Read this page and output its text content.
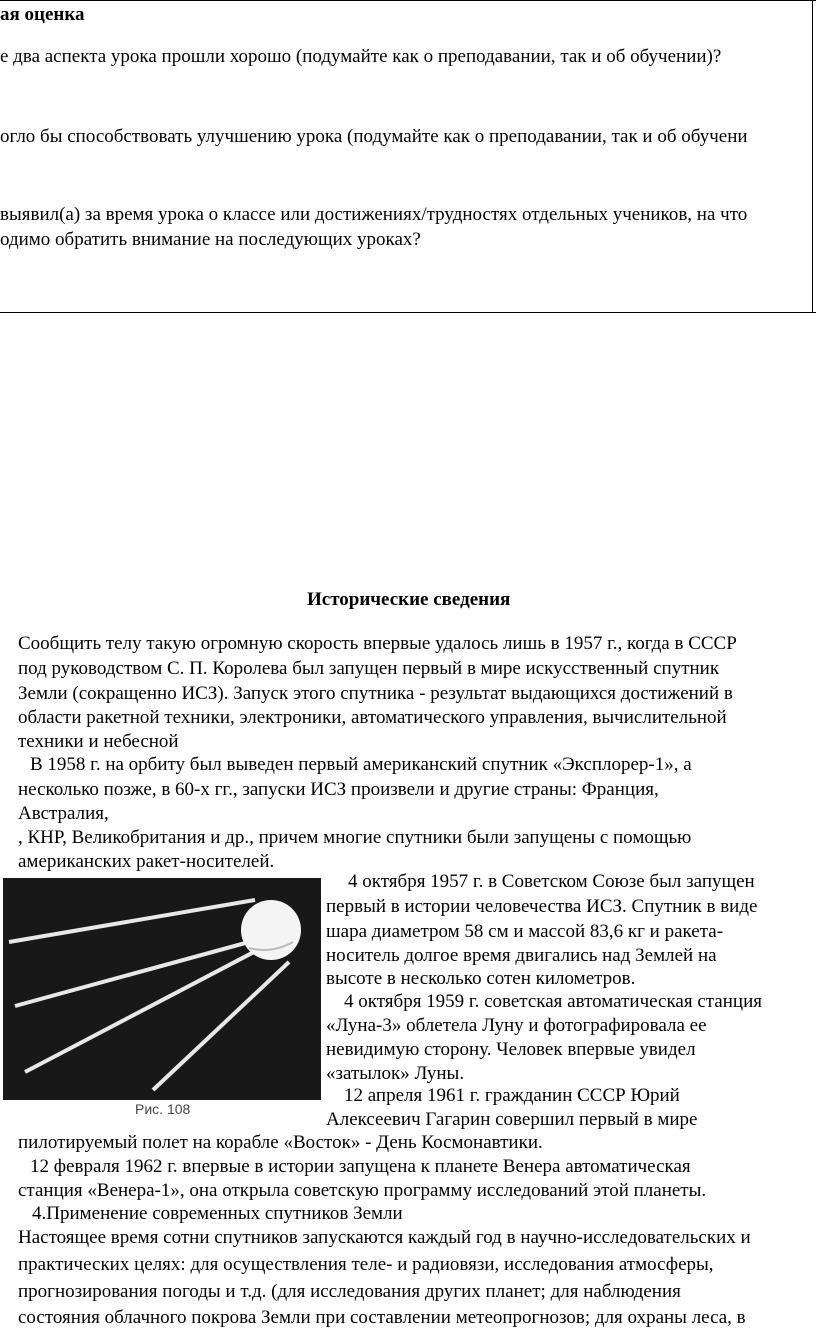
ая оценка
е два аспекта урока прошли хорошо (подумайте как о преподавании, так и об обучении)?
огло бы способствовать улучшению урока (подумайте как о преподавании, так и об обучени
выявил(а) за время урока о классе или достижениях/трудностях отдельных учеников, на что
одимо обратить внимание на последующих уроках?
Исторические сведения
Сообщить телу такую огромную скорость впервые удалось лишь в 1957 г., когда в СССР
под руководством С. П. Королева был запущен первый в мире искусственный спутник
Земли (сокращенно ИСЗ). Запуск этого спутника - результат выдающихся достижений в
области ракетной техники, электроники, автоматического управления, вычислительной
техники и небесной
В 1958 г. на орбиту был выведен первый американский спутник «Эксплорер-1», а
несколько позже, в 60-х гг., запуски ИСЗ произвели и другие страны: Франция,
Австралия,
, КНР, Великобритания и др., причем многие спутники были запущены с помощью
американских ракет-носителей.
Рис. 108
4 октября 1957 г. в Советском Союзе был запущен
первый в истории человечества ИСЗ. Спутник в виде
шара диаметром 58 см и массой 83,6 кг и ракета-
носитель долгое время двигались над Землей на
высоте в несколько сотен километров.
4 октября 1959 г. советская автоматическая станция
«Луна-3» облетела Луну и фотографировала ее
невидимую сторону. Человек впервые увидел
«затылок» Луны.
12 апреля 1961 г. гражданин СССР Юрий
Алексеевич Гагарин совершил первый в мире
пилотируемый полет на корабле «Восток» - День Космонавтики.
12 февраля 1962 г. впервые в истории запущена к планете Венера автоматическая
станция «Венера-1», она открыла советскую программу исследований этой планеты.
4.Применение современных спутников Земли
Настоящее время сотни спутников запускаются каждый год в научно-исследовательских и
практических целях: для осуществления теле- и радиовязи, исследования атмосферы,
прогнозирования погоды и т.д. (для исследования других планет; для наблюдения
состояния облачного покрова Земли при составлении метеопрогнозов; для охраны леса, в
